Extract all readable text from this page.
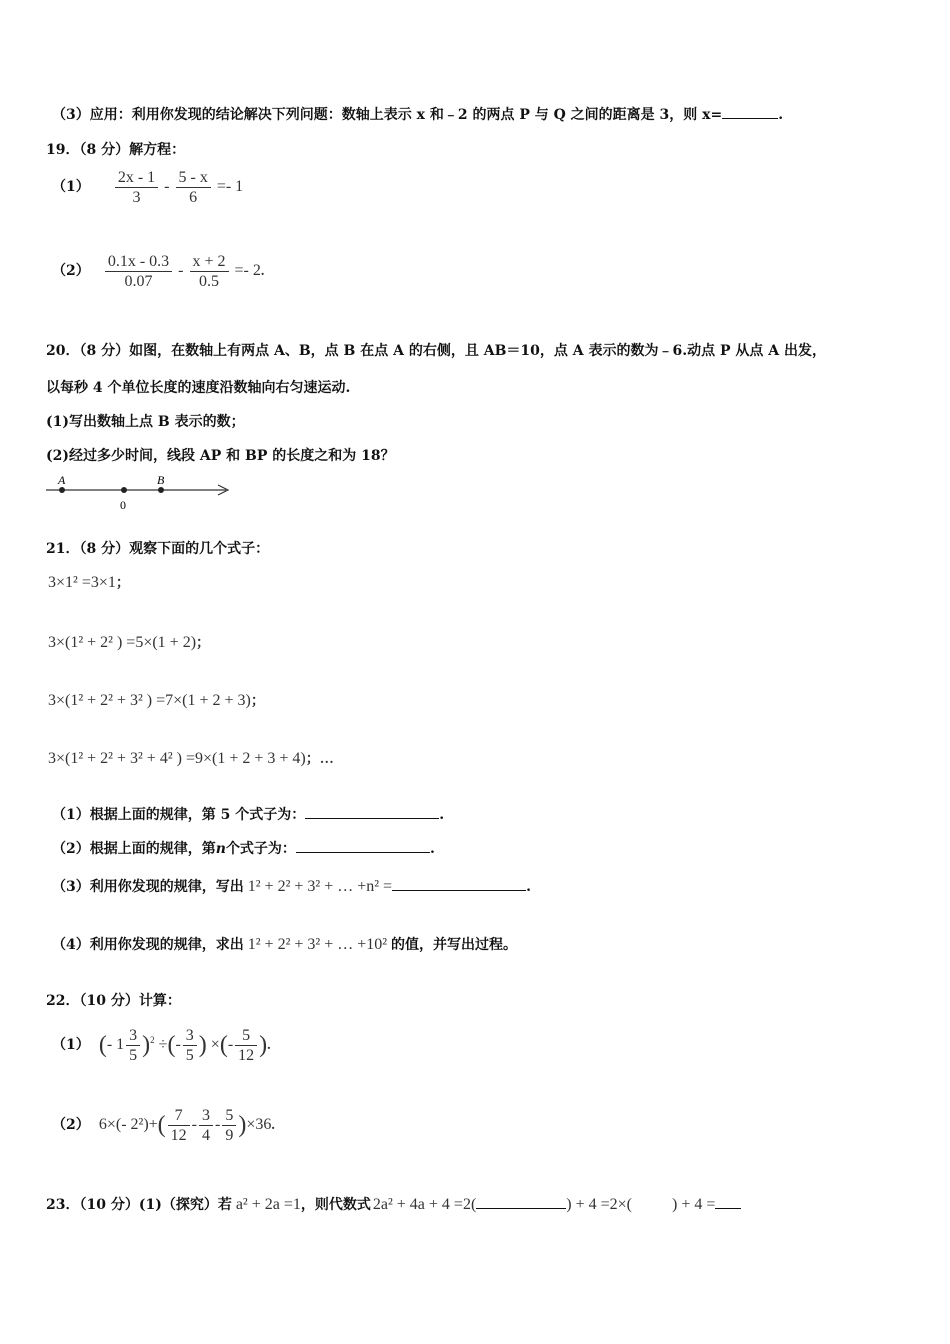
（3）应用：利用你发现的结论解决下列问题：数轴上表示 x 和﹣2 的两点 P 与 Q 之间的距离是 3，则 x=	.
19．（8 分）解方程：
$(1) \frac{2x - 1}{3} - \frac{5 - x}{6} =- 1$
$(2) \frac{0.1x - 0.3}{0.07} - \frac{x + 2}{0.5} =- 2$.
20．（8 分）如图，在数轴上有两点 A、B，点 B 在点 A 的右侧，且 AB＝10，点 A 表示的数为﹣6.动点 P 从点 A 出发，
以每秒 4 个单位长度的速度沿数轴向右匀速运动.
(1)写出数轴上点 B 表示的数；
(2)经过多少时间，线段 AP 和 BP 的长度之和为 18？
A
0
B
21．（8 分）观察下面的几个式子：
3×1² =3×1；
3×(1² + 2² ) =5×(1 + 2)；
3×(1² + 2² + 3² ) =7×(1 + 2 + 3)；
3×(1² + 2² + 3² + 4² ) =9×(1 + 2 + 3 + 4)；…
（1）根据上面的规律，第 5 个式子为：	.
（2）根据上面的规律，第n个式子为：	.
（3）利用你发现的规律，写出 1² + 2² + 3² + … +n² =	.
（4）利用你发现的规律，求出 1² + 2² + 3² + … +10² 的值，并写出过程。
22．（10 分）计算：
（1） (- $1 \frac{3}{5} )^2$ ÷(- $\frac{3}{5}$ ) ×(- $\frac{5}{12}$ ).
（2） 6×(- $2^2)+( \frac{7}{12} - \frac{3}{4} - \frac{5}{9} )\times 36$.
23．（10 分）(1)（探究）若 a² + 2a =1，则代数式 2a² + 4a + 4 =2(	) + 4 =2×(	) + 4 =
